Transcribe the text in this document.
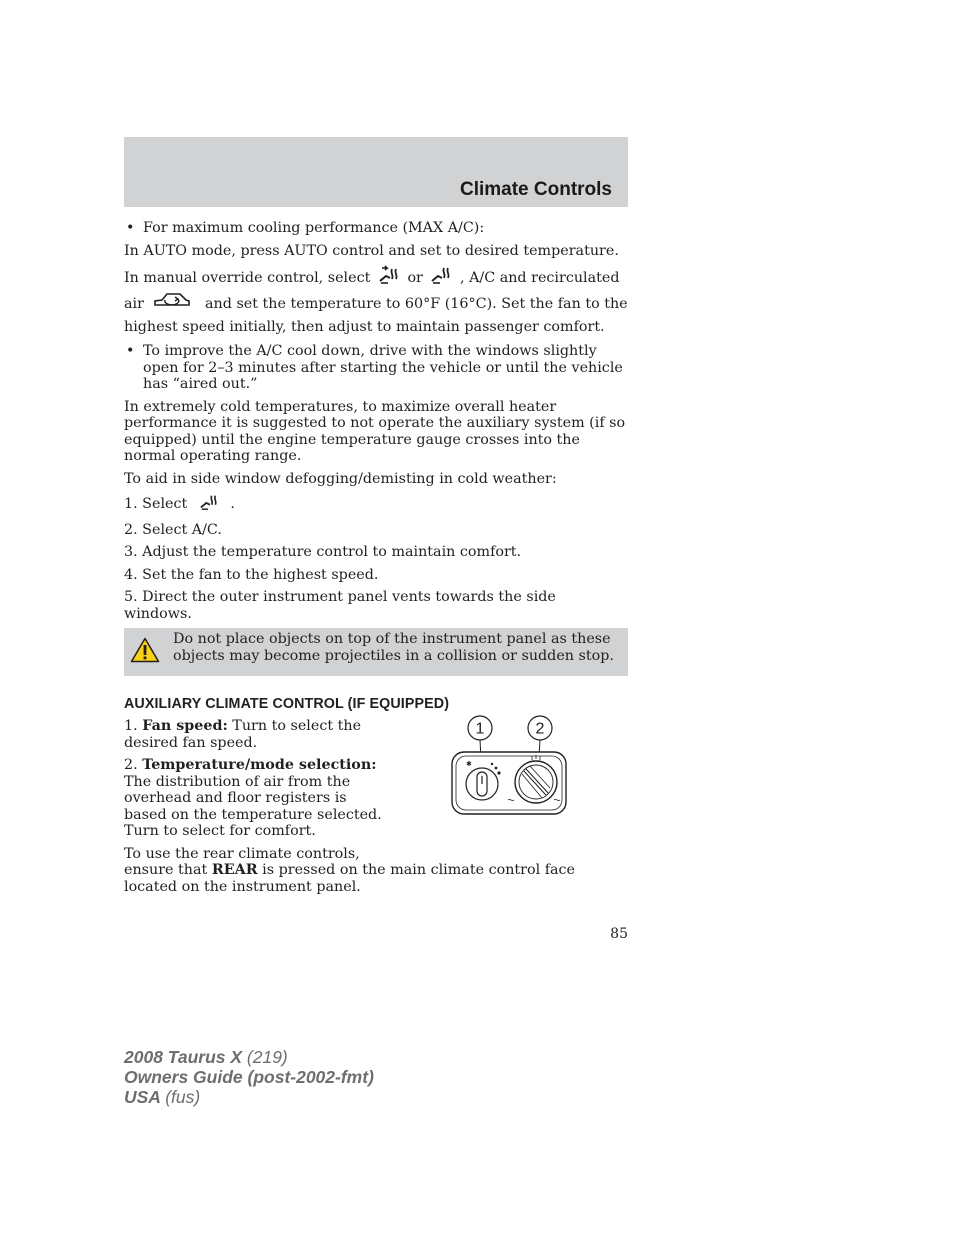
Climate Controls
• For maximum cooling performance (MAX A/C):

In AUTO mode, press AUTO control and set to desired temperature.

In manual override control, select	or	, A/C and recirculated
air	and set the temperature to 60°F (16°C). Set the fan to the highest speed initially, then adjust to maintain passenger comfort.

• To improve the A/C cool down, drive with the windows slightly open for 2–3 minutes after starting the vehicle or until the vehicle has “aired out.”

In extremely cold temperatures, to maximize overall heater performance it is suggested to not operate the auxiliary system (if so equipped) until the engine temperature gauge crosses into the normal operating range.

To aid in side window defogging/demisting in cold weather:

1. Select	.

2. Select A/C.

3. Adjust the temperature control to maintain comfort.

4. Set the fan to the highest speed.

5. Direct the outer instrument panel vents towards the side windows.

Do not place objects on top of the instrument panel as these objects may become projectiles in a collision or sudden stop.
AUXILIARY CLIMATE CONTROL (IF EQUIPPED)

1. Fan speed: Turn to select the desired fan speed.

2. Temperature/mode selection:
The distribution of air from the overhead and floor registers is based on the temperature selected. Turn to select for comfort.

1	2
✱

To use the rear climate controls,
ensure that REAR is pressed on the main climate control face located on the instrument panel.

85
2008 Taurus X (219)
Owners Guide (post-2002-fmt)
USA (fus)
